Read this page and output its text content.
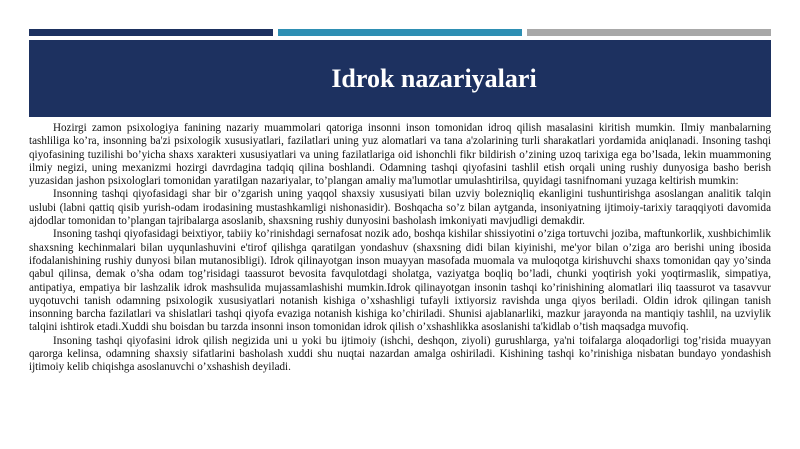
Idrok nazariyalari

Hozirgi zamon psixologiya fanining nazariy muammolari qatoriga insonni inson tomonidan idroq qilish masalasini kiritish mumkin. Ilmiy manbalarning tashliliga ko’ra, insonning ba'zi psixologik xususiyatlari, fazilatlari uning yuz alomatlari va tana a'zolarining turli sharakatlari yordamida aniqlanadi. Insoning tashqi qiyofasining tuzilishi bo’yicha shaxs xarakteri xususiyatlari va uning fazilatlariga oid ishonchli fikr bildirish o’zining uzoq tarixiga ega bo’lsada, lekin muammoning ilmiy negizi, uning mexanizmi hozirgi davrdagina tadqiq qilina boshlandi. Odamning tashqi qiyofasini tashlil etish orqali uning rushiy dunyosiga basho berish yuzasidan jashon psixologlari tomonidan yaratilgan nazariyalar, to’plangan amaliy ma'lumotlar umulashtirilsa, quyidagi tasnifnomani yuzaga keltirish mumkin:

Insonning tashqi qiyofasidagi shar bir o’zgarish uning yaqqol shaxsiy xususiyati bilan uzviy bolezniqliq ekanligini tushuntirishga asoslangan analitik talqin uslubi (labni qattiq qisib yurish-odam irodasining mustashkamligi nishonasidir). Boshqacha so’z bilan aytganda, insoniyatning ijtimoiy-tarixiy taraqqiyoti davomida ajdodlar tomonidan to’plangan tajribalarga asoslanib, shaxsning rushiy dunyosini basholash imkoniyati mavjudligi demakdir.

Insoning tashqi qiyofasidagi beixtiyor, tabiiy ko’rinishdagi sernafosat nozik ado, boshqa kishilar shissiyotini o’ziga tortuvchi joziba, maftunkorlik, xushbichimlik shaxsning kechinmalari bilan uyqunlashuvini e'tirof qilishga qaratilgan yondashuv (shaxsning didi bilan kiyinishi, me'yor bilan o’ziga aro berishi uning ibosida ifodalanishining rushiy dunyosi bilan mutanosibligi). Idrok qilinayotgan inson muayyan masofada muomala va muloqotga kirishuvchi shaxs tomonidan qay yo’sinda qabul qilinsa, demak o’sha odam tog’risidagi taassurot bevosita favqulotdagi sholatga, vaziyatga boqliq bo’ladi, chunki yoqtirish yoki yoqtirmaslik, simpatiya, antipatiya, empatiya bir lashzalik idrok mashsulida mujassamlashishi mumkin.Idrok qilinayotgan insonin tashqi ko’rinishining alomatlari iliq taassurot va tasavvur uyqotuvchi tanish odamning psixologik xususiyatlari notanish kishiga o’xshashligi tufayli ixtiyorsiz ravishda unga qiyos beriladi. Oldin idrok qilingan tanish insonning barcha fazilatlari va shislatlari tashqi qiyofa evaziga notanish kishiga ko’chiriladi. Shunisi ajablanarliki, mazkur jarayonda na mantiqiy tashlil, na uzviylik talqini ishtirok etadi.Xuddi shu boisdan bu tarzda insonni inson tomonidan idrok qilish o’xshashlikka asoslanishi ta'kidlab o’tish maqsadga muvofiq.

Insoning tashqi qiyofasini idrok qilish negizida uni u yoki bu ijtimoiy (ishchi, deshqon, ziyoli) gurushlarga, ya'ni toifalarga aloqadorligi tog’risida muayyan qarorga kelinsa, odamning shaxsiy sifatlarini basholash xuddi shu nuqtai nazardan amalga oshiriladi. Kishining tashqi ko’rinishiga nisbatan bundayo yondashish ijtimoiy kelib chiqishga asoslanuvchi o’xshashish deyiladi.
